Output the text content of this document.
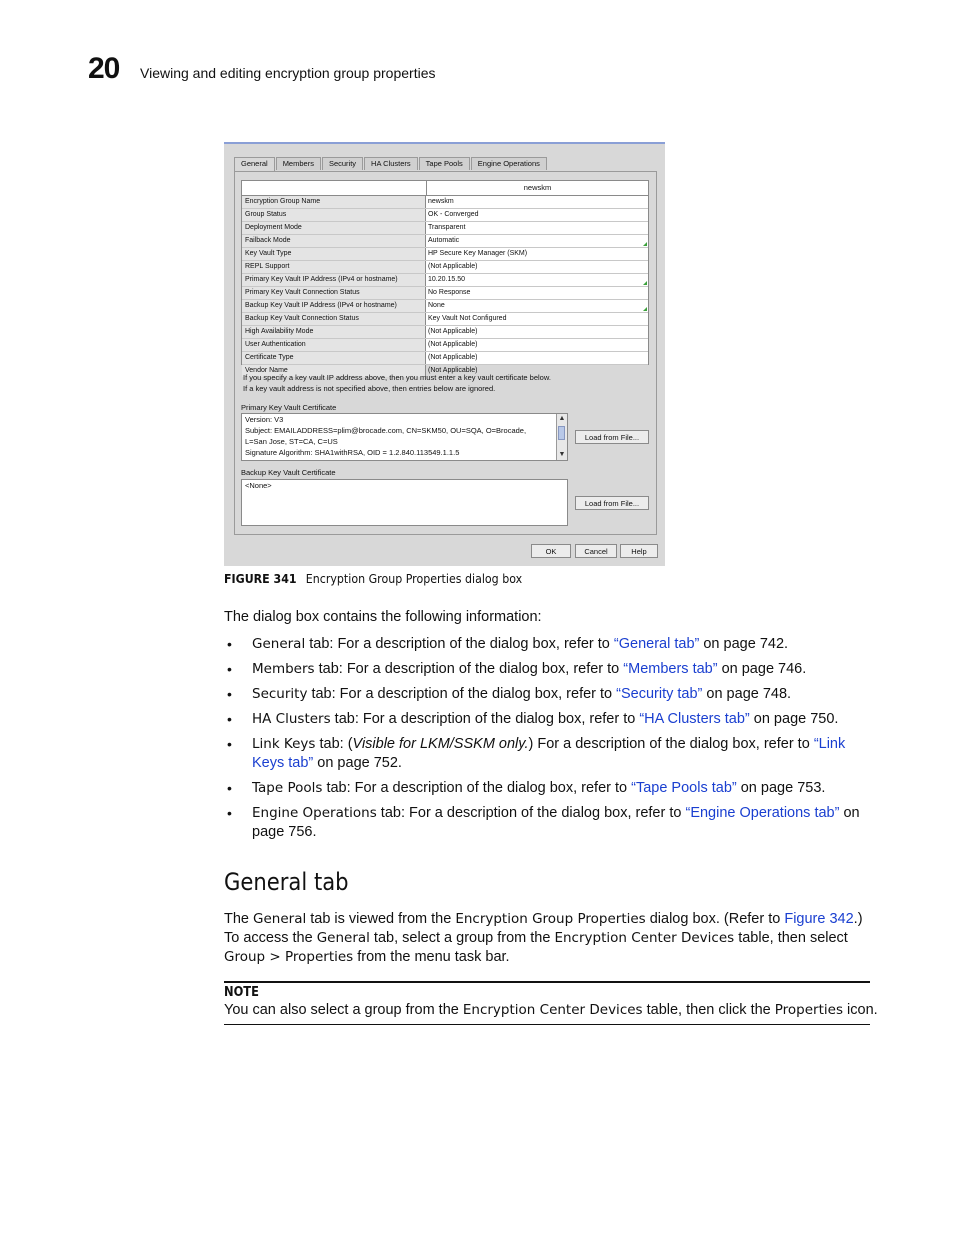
20 Viewing and editing encryption group properties
General	Members	Security	HA Clusters	Tape Pools	Engine Operations
newskm
Encryption Group Name	newskm
Group Status	OK - Converged
Deployment Mode	Transparent
Failback Mode	Automatic
Key Vault Type	HP Secure Key Manager (SKM)
REPL Support	(Not Applicable)
Primary Key Vault IP Address (IPv4 or hostname)	10.20.15.50
Primary Key Vault Connection Status	No Response
Backup Key Vault IP Address (IPv4 or hostname)	None
Backup Key Vault Connection Status	Key Vault Not Configured
High Availability Mode	(Not Applicable)
User Authentication	(Not Applicable)
Certificate Type	(Not Applicable)
Vendor Name	(Not Applicable)
If you specify a key vault IP address above, then you must enter a key vault certificate below.
If a key vault address is not specified above, then entries below are ignored.
Primary Key Vault Certificate
Version: V3
Subject: EMAILADDRESS=plim@brocade.com, CN=SKM50, OU=SQA, O=Brocade,
L=San Jose, ST=CA, C=US
Signature Algorithm: SHA1withRSA, OID = 1.2.840.113549.1.1.5
▲
▼
Load from File...
Backup Key Vault Certificate
<None>
Load from File...
OK	Cancel	Help
FIGURE 341 Encryption Group Properties dialog box
The dialog box contains the following information:
• General tab: For a description of the dialog box, refer to “General tab” on page 742.
• Members tab: For a description of the dialog box, refer to “Members tab” on page 746.
• Security tab: For a description of the dialog box, refer to “Security tab” on page 748.
• HA Clusters tab: For a description of the dialog box, refer to “HA Clusters tab” on page 750.
• Link Keys tab: (Visible for LKM/SSKM only.) For a description of the dialog box, refer to “Link Keys tab” on page 752.
• Tape Pools tab: For a description of the dialog box, refer to “Tape Pools tab” on page 753.
• Engine Operations tab: For a description of the dialog box, refer to “Engine Operations tab” on page 756.
General tab
The General tab is viewed from the Encryption Group Properties dialog box. (Refer to Figure 342.) To access the General tab, select a group from the Encryption Center Devices table, then select Group > Properties from the menu task bar.
NOTE
You can also select a group from the Encryption Center Devices table, then click the Properties icon.
